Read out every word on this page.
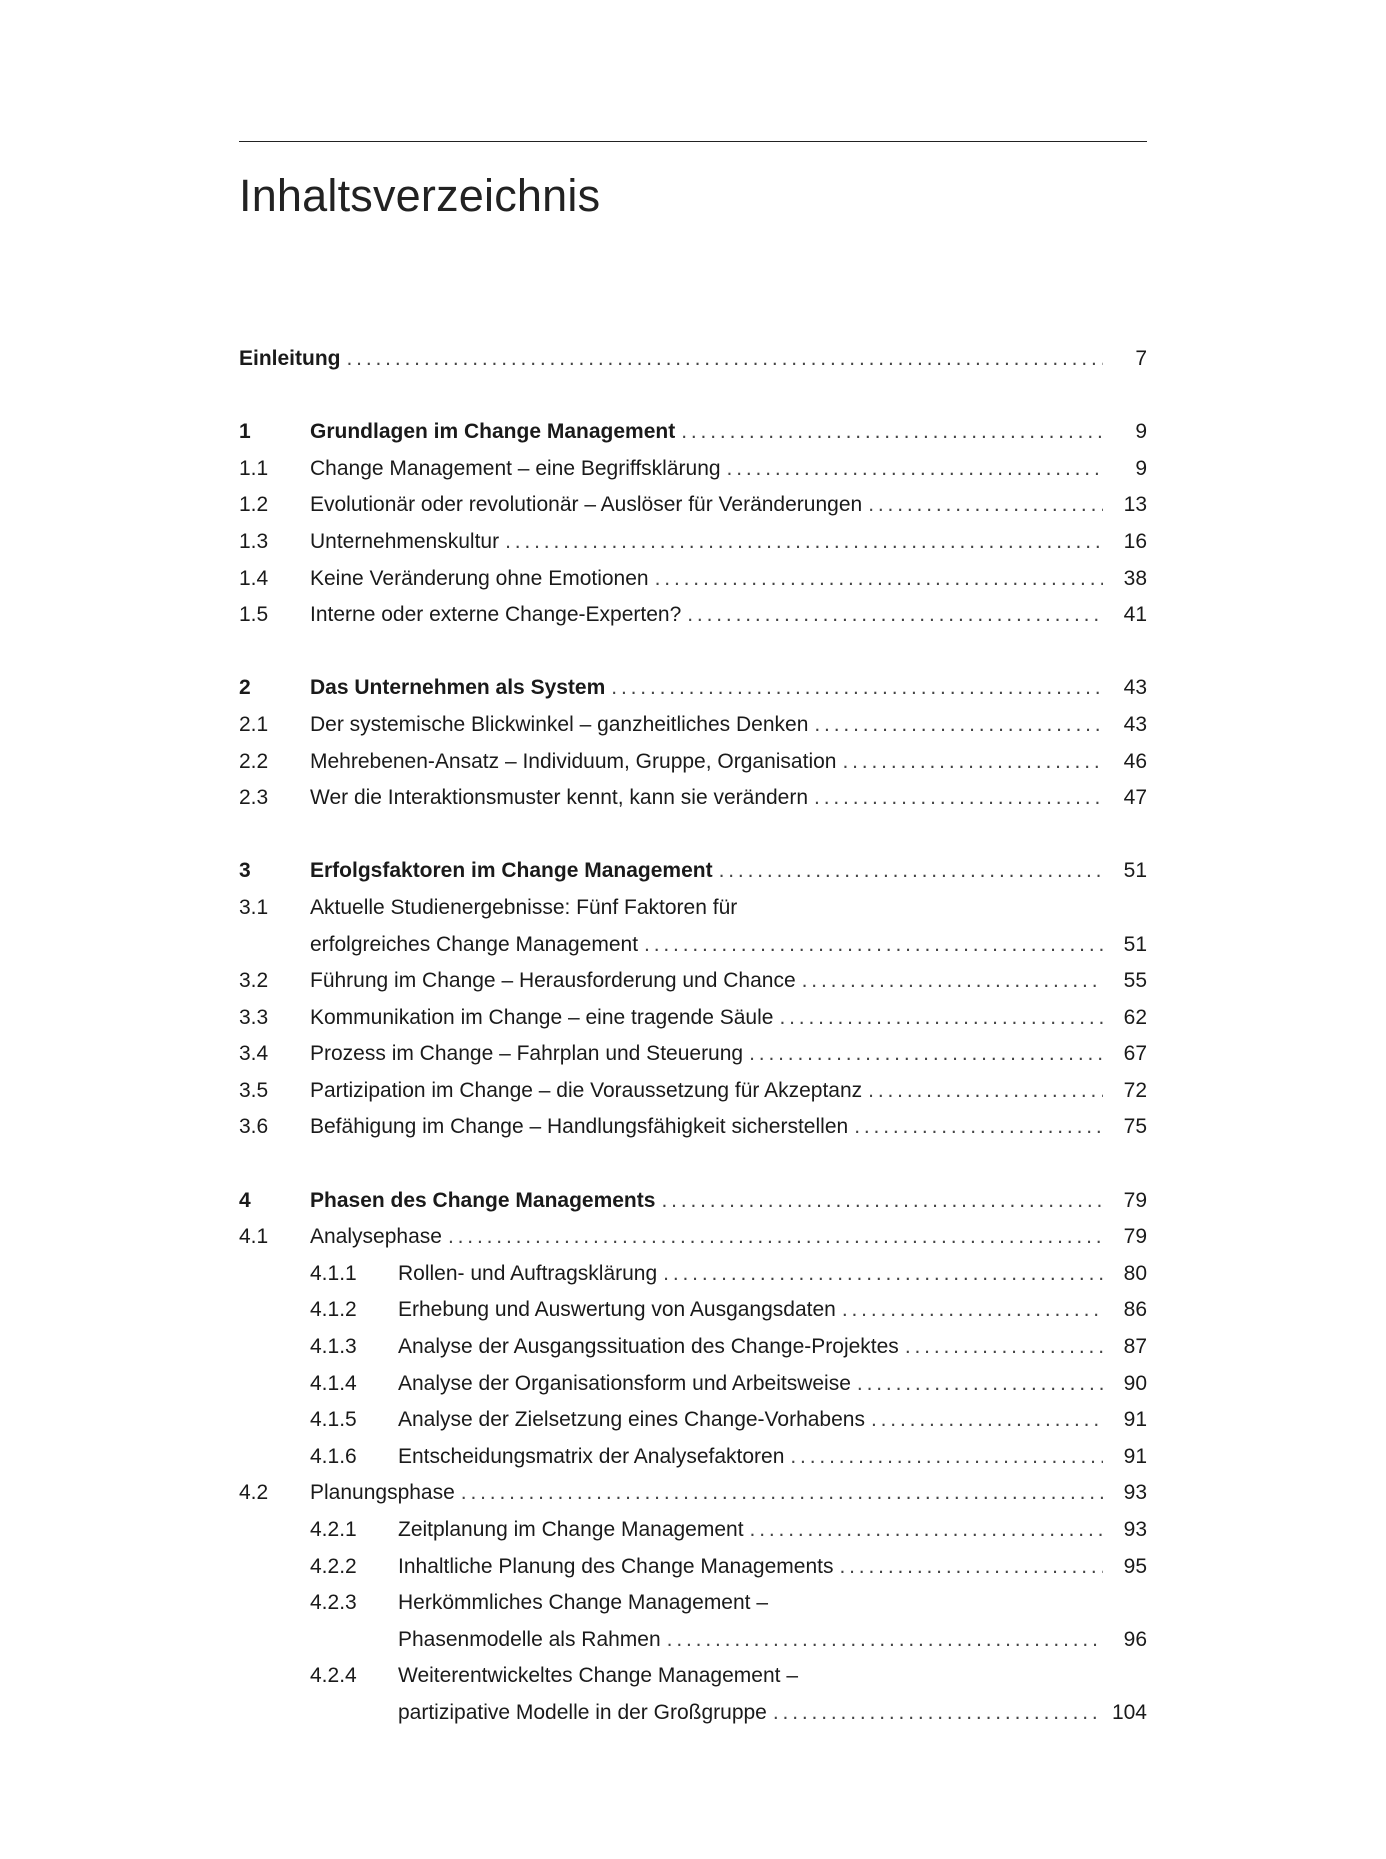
Inhaltsverzeichnis
Einleitung . . .	7
1	Grundlagen im Change Management . . .	9
1.1 Change Management – eine Begriffsklärung . . .	9
1.2 Evolutionär oder revolutionär – Auslöser für Veränderungen . . .	13
1.3 Unternehmenskultur . . .	16
1.4 Keine Veränderung ohne Emotionen . . .	38
1.5 Interne oder externe Change-Experten? . . .	41
2	Das Unternehmen als System . . .	43
2.1 Der systemische Blickwinkel – ganzheitliches Denken . . .	43
2.2 Mehrebenen-Ansatz – Individuum, Gruppe, Organisation . . .	46
2.3 Wer die Interaktionsmuster kennt, kann sie verändern . . .	47
3	Erfolgsfaktoren im Change Management . . .	51
3.1 Aktuelle Studienergebnisse: Fünf Faktoren für
erfolgreiches Change Management . . .	51
3.2 Führung im Change – Herausforderung und Chance . . .	55
3.3 Kommunikation im Change – eine tragende Säule . . .	62
3.4 Prozess im Change – Fahrplan und Steuerung . . .	67
3.5 Partizipation im Change – die Voraussetzung für Akzeptanz . . .	72
3.6 Befähigung im Change – Handlungsfähigkeit sicherstellen . . .	75
4	Phasen des Change Managements . . .	79
4.1 Analysephase . . .	79
4.1.1 Rollen- und Auftragsklärung . . .	80
4.1.2 Erhebung und Auswertung von Ausgangsdaten . . .	86
4.1.3 Analyse der Ausgangssituation des Change-Projektes . . .	87
4.1.4 Analyse der Organisationsform und Arbeitsweise . . .	90
4.1.5 Analyse der Zielsetzung eines Change-Vorhabens . . .	91
4.1.6 Entscheidungsmatrix der Analysefaktoren . . .	91
4.2 Planungsphase . . .	93
4.2.1 Zeitplanung im Change Management . . .	93
4.2.2 Inhaltliche Planung des Change Managements . . .	95
4.2.3 Herkömmliches Change Management –
Phasenmodelle als Rahmen . . .	96
4.2.4 Weiterentwickeltes Change Management –
partizipative Modelle in der Großgruppe . . .	104
